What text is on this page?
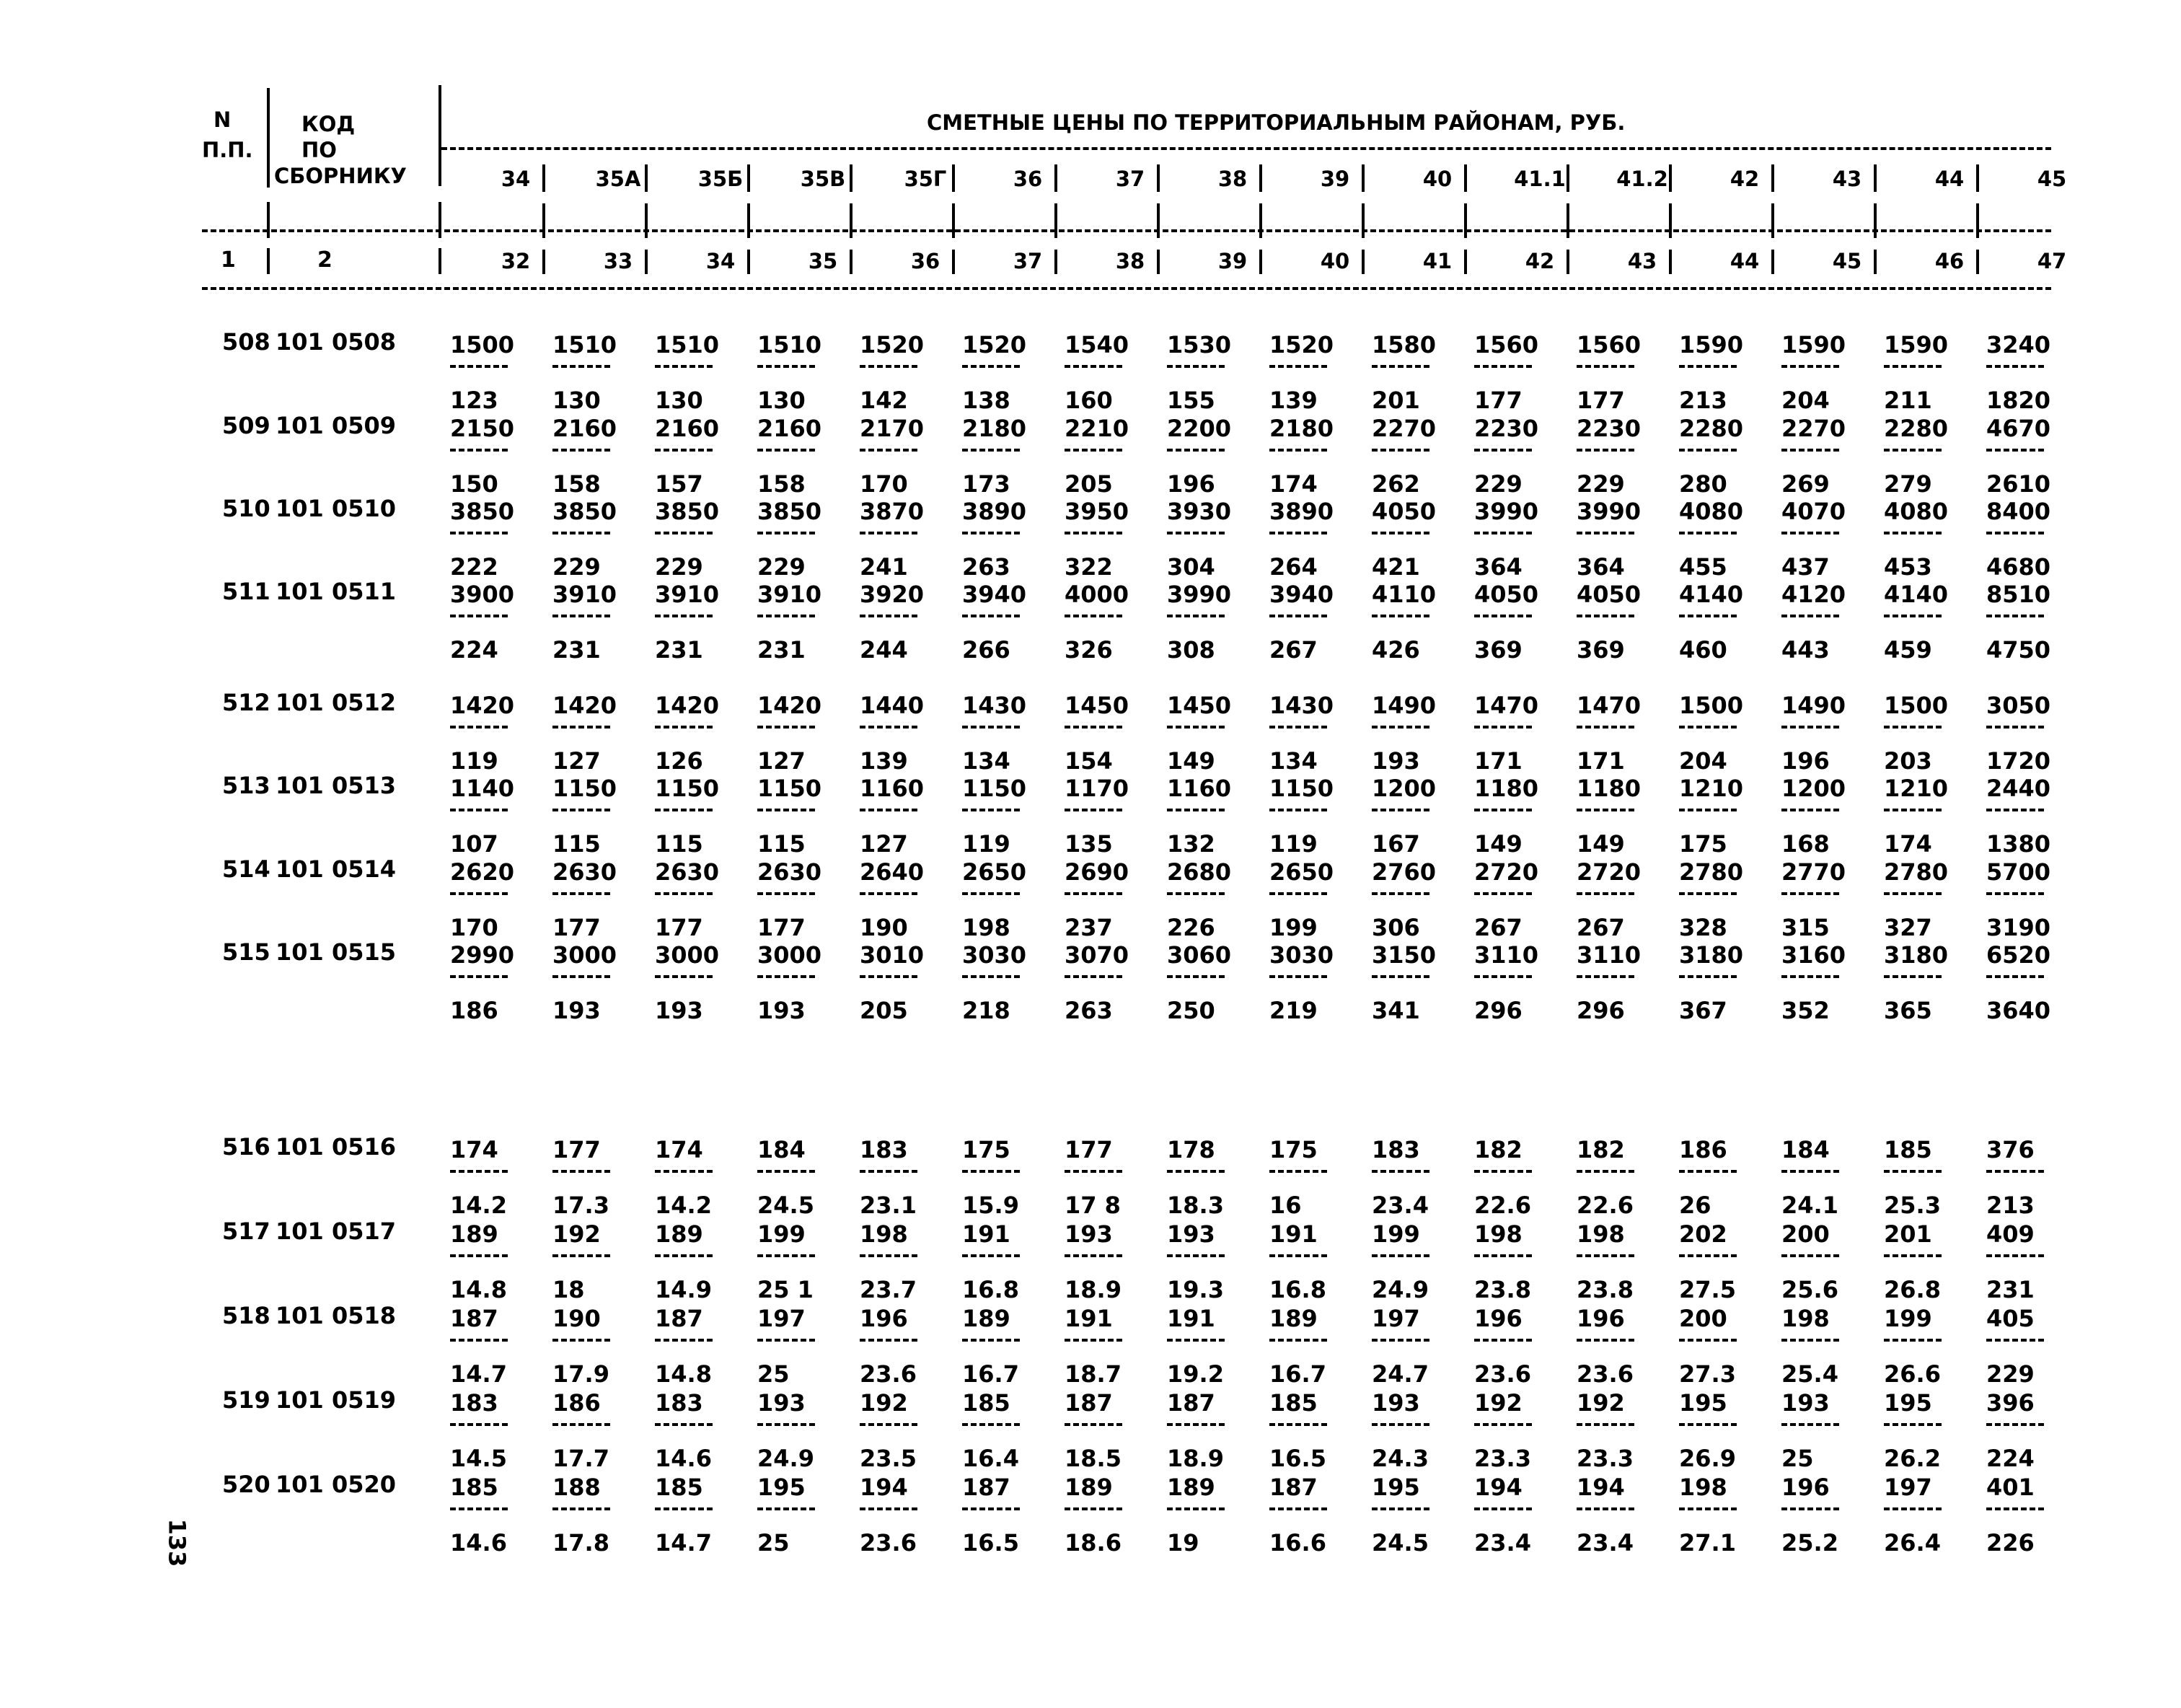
N
П.П.
КОД
ПО
СБОРНИКУ
СМЕТНЫЕ ЦЕНЫ ПО ТЕРРИТОРИАЛЬНЫМ РАЙОНАМ, РУБ.
1	2
34
32
35А
33
35Б
34
35В
35
35Г
36
36
37
37
38
38
39
39
40
40
41
41.1
42
41.2
43
42
44
43
45
44
46
45
47
508 101 0508 1500
123
1510
130
1510
130
1510
130
1520
142
1520
138
1540
160
1530
155
1520
139
1580
201
1560
177
1560
177
1590
213
1590
204
1590
211
3240
1820
509 101 0509 2150
150
2160
158
2160
157
2160
158
2170
170
2180
173
2210
205
2200
196
2180
174
2270
262
2230
229
2230
229
2280
280
2270
269
2280
279
4670
2610
510 101 0510 3850
222
3850
229
3850
229
3850
229
3870
241
3890
263
3950
322
3930
304
3890
264
4050
421
3990
364
3990
364
4080
455
4070
437
4080
453
8400
4680
511 101 0511 3900
224
3910
231
3910
231
3910
231
3920
244
3940
266
4000
326
3990
308
3940
267
4110
426
4050
369
4050
369
4140
460
4120
443
4140
459
8510
4750
512 101 0512 1420
119
1420
127
1420
126
1420
127
1440
139
1430
134
1450
154
1450
149
1430
134
1490
193
1470
171
1470
171
1500
204
1490
196
1500
203
3050
1720
513 101 0513 1140
107
1150
115
1150
115
1150
115
1160
127
1150
119
1170
135
1160
132
1150
119
1200
167
1180
149
1180
149
1210
175
1200
168
1210
174
2440
1380
514 101 0514 2620
170
2630
177
2630
177
2630
177
2640
190
2650
198
2690
237
2680
226
2650
199
2760
306
2720
267
2720
267
2780
328
2770
315
2780
327
5700
3190
515 101 0515 2990
186
3000
193
3000
193
3000
193
3010
205
3030
218
3070
263
3060
250
3030
219
3150
341
3110
296
3110
296
3180
367
3160
352
3180
365
6520
3640
516 101 0516 174
14.2
177
17.3
174
14.2
184
24.5
183
23.1
175
15.9
177
17 8
178
18.3
175
16
183
23.4
182
22.6
182
22.6
186
26
184
24.1
185
25.3
376
213
517 101 0517 189
14.8
192
18
189
14.9
199
25 1
198
23.7
191
16.8
193
18.9
193
19.3
191
16.8
199
24.9
198
23.8
198
23.8
202
27.5
200
25.6
201
26.8
409
231
518 101 0518 187
14.7
190
17.9
187
14.8
197
25
196
23.6
189
16.7
191
18.7
191
19.2
189
16.7
197
24.7
196
23.6
196
23.6
200
27.3
198
25.4
199
26.6
405
229
519 101 0519 183
14.5
186
17.7
183
14.6
193
24.9
192
23.5
185
16.4
187
18.5
187
18.9
185
16.5
193
24.3
192
23.3
192
23.3
195
26.9
193
25
195
26.2
396
224
520 101 0520 185
14.6
188
17.8
185
14.7
195
25
194
23.6
187
16.5
189
18.6
189
19
187
16.6
195
24.5
194
23.4
194
23.4
198
27.1
196
25.2
197
26.4
401
226
133
